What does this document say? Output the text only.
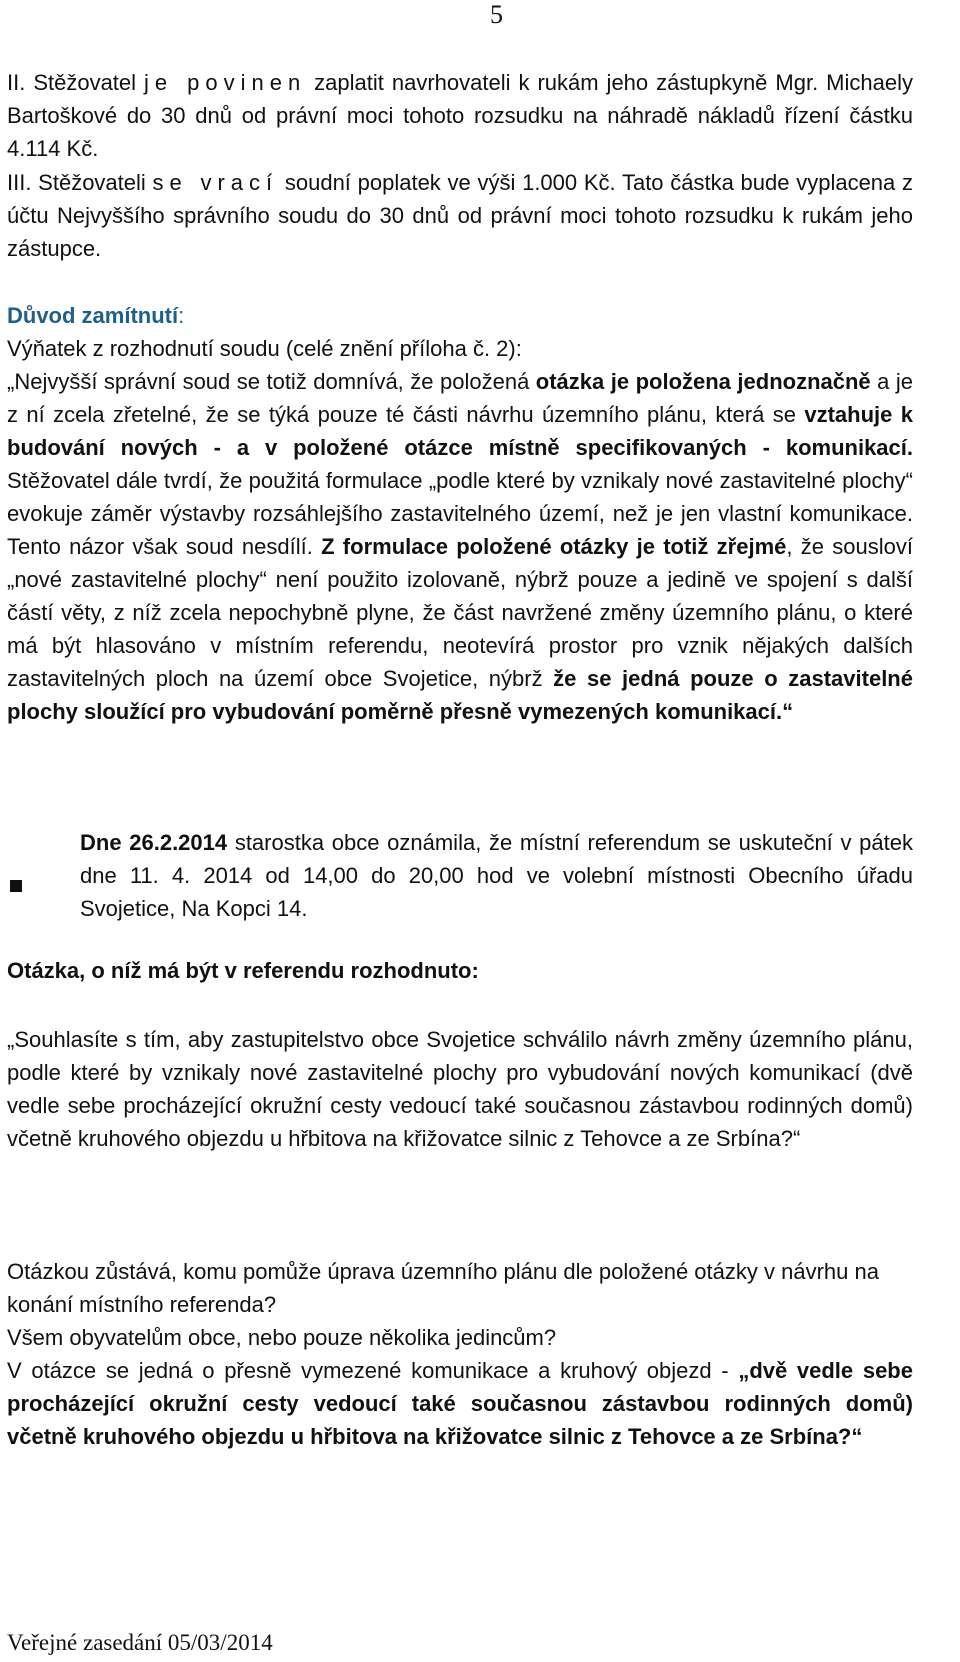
5
II. Stěžovatel je povinen zaplatit navrhovateli k rukám jeho zástupkyně Mgr. Michaely Bartoškové do 30 dnů od právní moci tohoto rozsudku na náhradě nákladů řízení částku 4.114 Kč.
III. Stěžovateli se vrací soudní poplatek ve výši 1.000 Kč. Tato částka bude vyplacena z účtu Nejvyššího správního soudu do 30 dnů od právní moci tohoto rozsudku k rukám jeho zástupce.
Důvod zamítnutí:
Výňatek z rozhodnutí soudu (celé znění příloha č. 2):
„Nejvyšší správní soud se totiž domnívá, že položená otázka je položena jednoznačně a je z ní zcela zřetelné, že se týká pouze té části návrhu územního plánu, která se vztahuje k budování nových - a v položené otázce místně specifikovaných - komunikací. Stěžovatel dále tvrdí, že použitá formulace „podle které by vznikaly nové zastavitelné plochy“ evokuje záměr výstavby rozsáhlejšího zastavitelného území, než je jen vlastní komunikace. Tento názor však soud nesdílí. Z formulace položené otázky je totiž zřejmé, že sousloví „nové zastavitelné plochy“ není použito izolovaně, nýbrž pouze a jedině ve spojení s další částí věty, z níž zcela nepochybně plyne, že část navržené změny územního plánu, o které má být hlasováno v místním referendu, neotevírá prostor pro vznik nějakých dalších zastavitelných ploch na území obce Svojetice, nýbrž že se jedná pouze o zastavitelné plochy sloužící pro vybudování poměrně přesně vymezených komunikací.“
Dne 26.2.2014 starostka obce oznámila, že místní referendum se uskuteční v pátek dne 11. 4. 2014 od 14,00 do 20,00 hod ve volební místnosti Obecního úřadu Svojetice, Na Kopci 14.
Otázka, o níž má být v referendu rozhodnuto:
„Souhlasíte s tím, aby zastupitelstvo obce Svojetice schválilo návrh změny územního plánu, podle které by vznikaly nové zastavitelné plochy pro vybudování nových komunikací (dvě vedle sebe procházející okružní cesty vedoucí také současnou zástavbou rodinných domů) včetně kruhového objezdu u hřbitova na křižovatce silnic z Tehovce a ze Srbína?“
Otázkou zůstává, komu pomůže úprava územního plánu dle položené otázky v návrhu na konání místního referenda?
Všem obyvatelům obce, nebo pouze několika jedincům?
V otázce se jedná o přesně vymezené komunikace a kruhový objezd - „dvě vedle sebe procházející okružní cesty vedoucí také současnou zástavbou rodinných domů) včetně kruhového objezdu u hřbitova na křižovatce silnic z Tehovce a ze Srbína?“
Veřejné zasedání 05/03/2014
